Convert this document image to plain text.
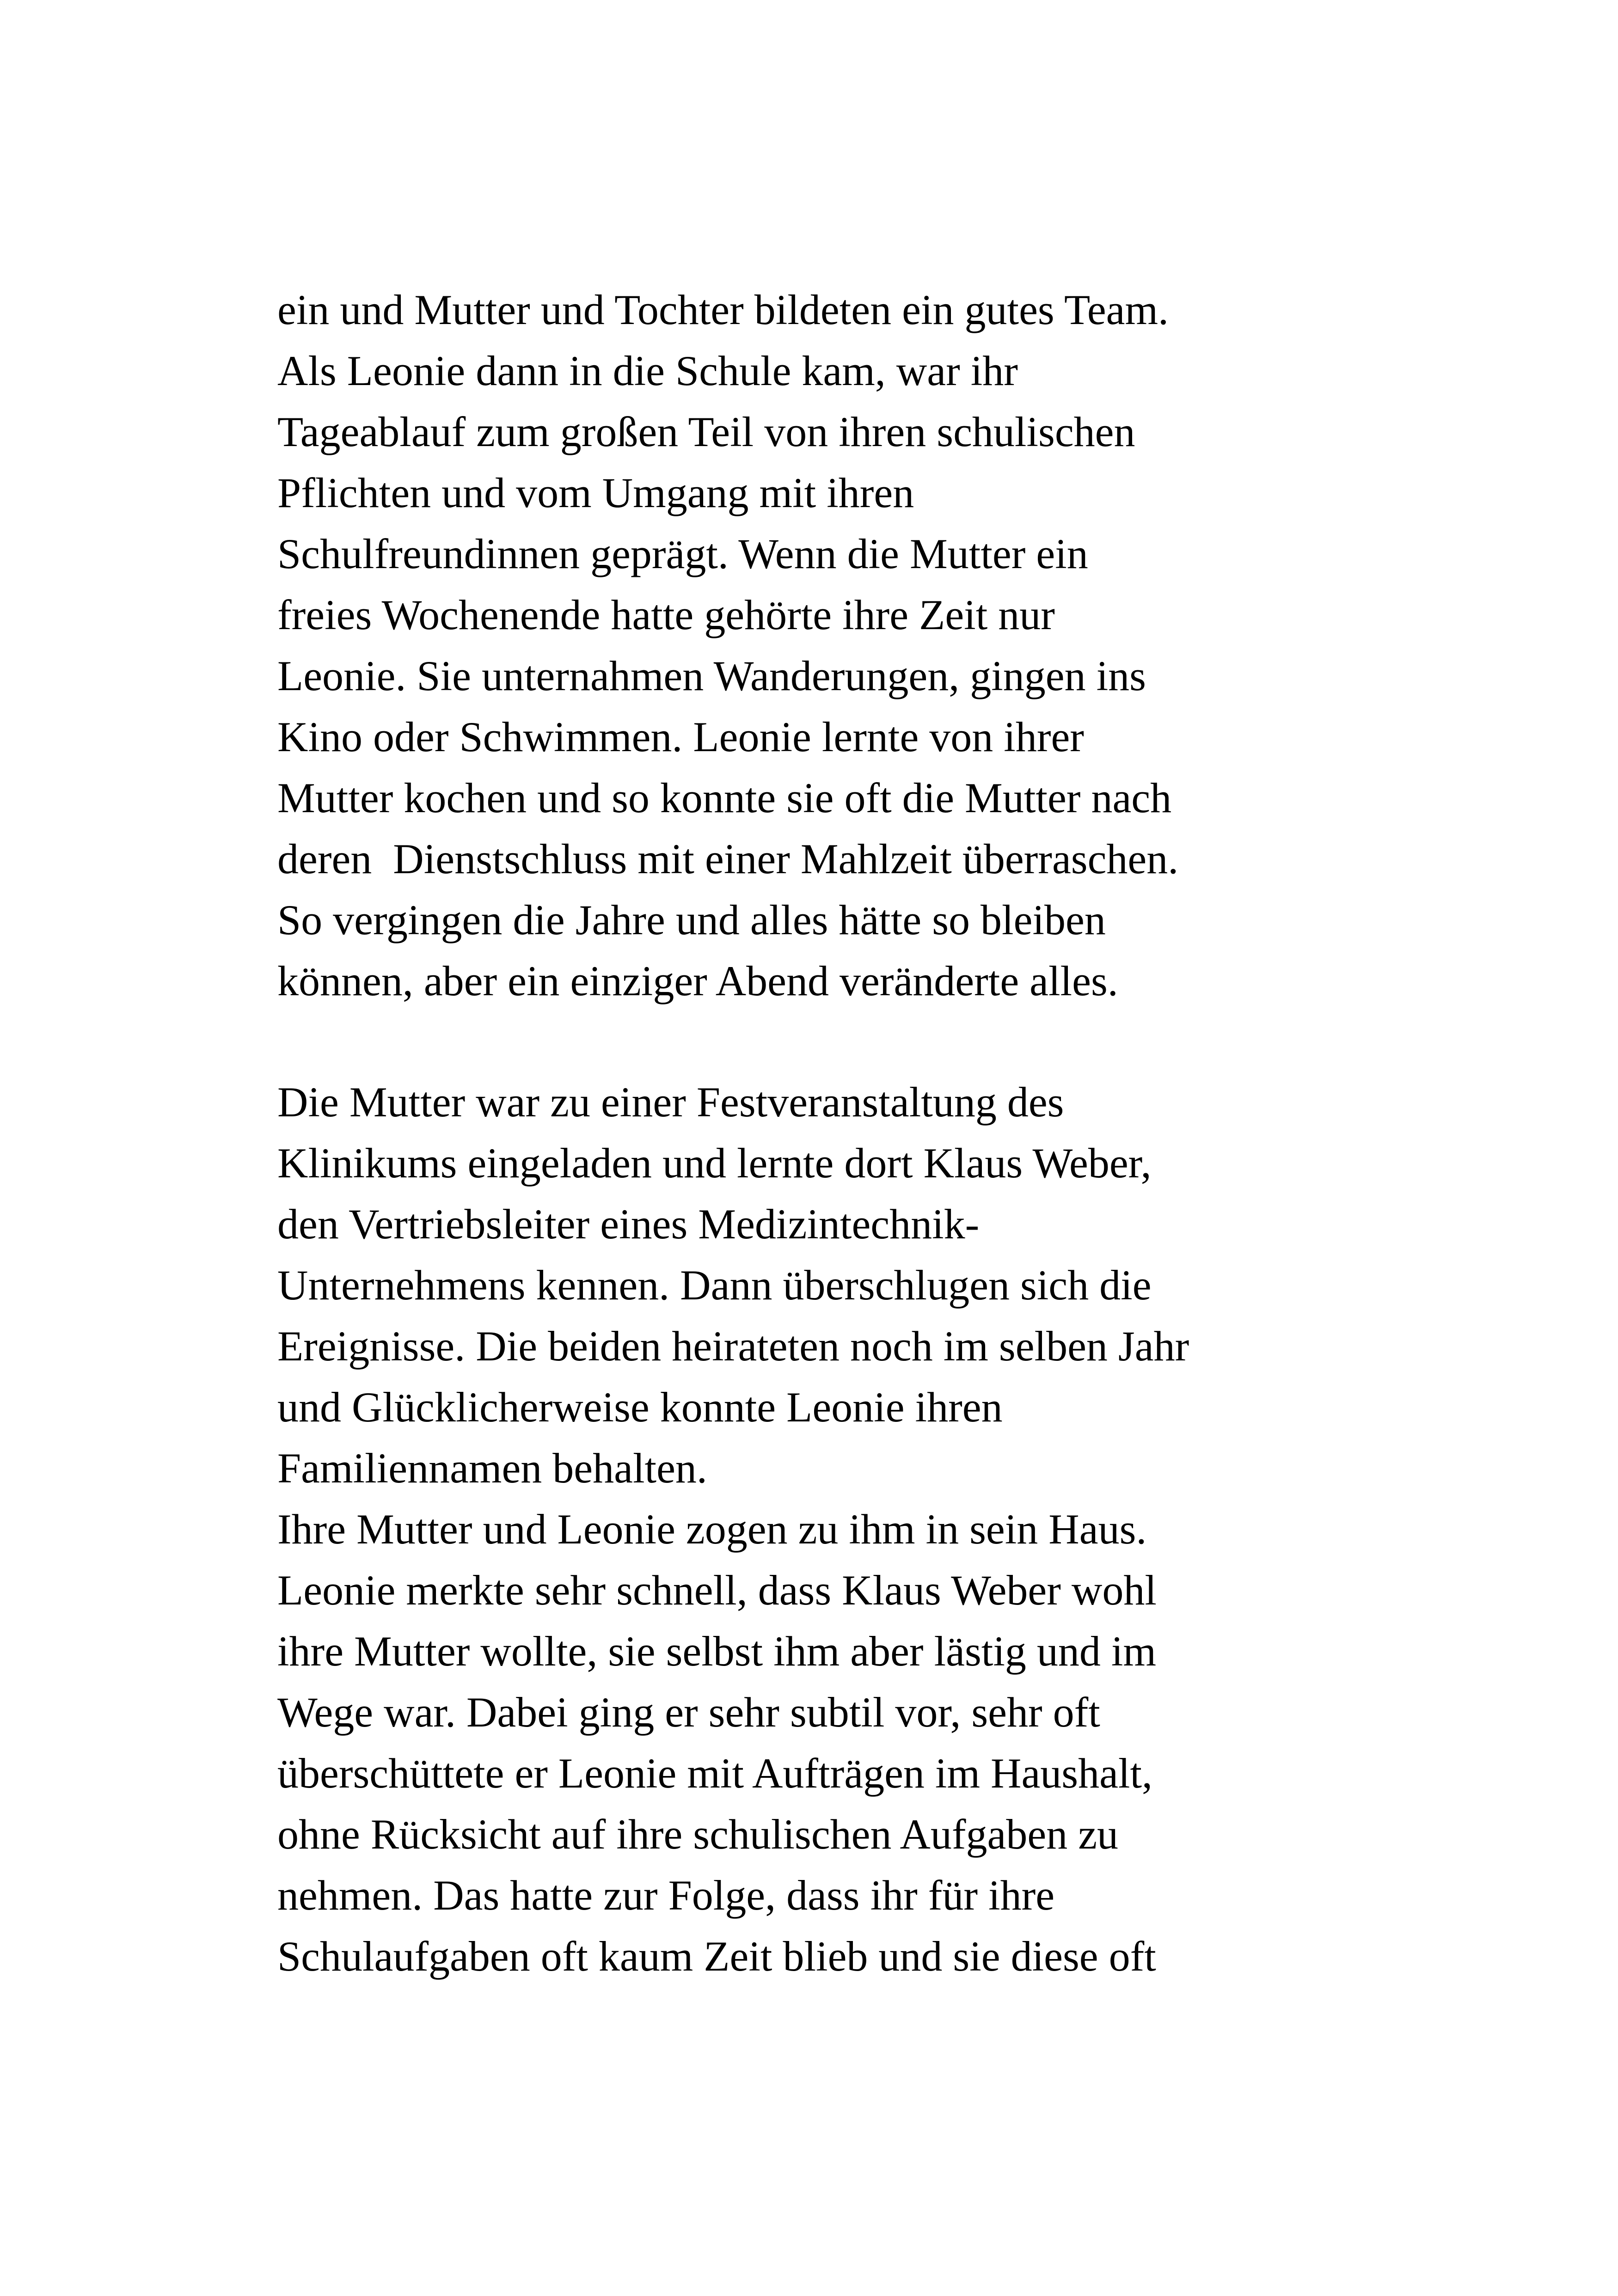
ein und Mutter und Tochter bildeten ein gutes Team.
Als Leonie dann in die Schule kam, war ihr
Tageablauf zum großen Teil von ihren schulischen
Pflichten und vom Umgang mit ihren
Schulfreundinnen geprägt. Wenn die Mutter ein
freies Wochenende hatte gehörte ihre Zeit nur
Leonie. Sie unternahmen Wanderungen, gingen ins
Kino oder Schwimmen. Leonie lernte von ihrer
Mutter kochen und so konnte sie oft die Mutter nach
deren  Dienstschluss mit einer Mahlzeit überraschen.
So vergingen die Jahre und alles hätte so bleiben
können, aber ein einziger Abend veränderte alles.
Die Mutter war zu einer Festveranstaltung des
Klinikums eingeladen und lernte dort Klaus Weber,
den Vertriebsleiter eines Medizintechnik-
Unternehmens kennen. Dann überschlugen sich die
Ereignisse. Die beiden heirateten noch im selben Jahr
und Glücklicherweise konnte Leonie ihren
Familiennamen behalten.
Ihre Mutter und Leonie zogen zu ihm in sein Haus.
Leonie merkte sehr schnell, dass Klaus Weber wohl
ihre Mutter wollte, sie selbst ihm aber lästig und im
Wege war. Dabei ging er sehr subtil vor, sehr oft
überschüttete er Leonie mit Aufträgen im Haushalt,
ohne Rücksicht auf ihre schulischen Aufgaben zu
nehmen. Das hatte zur Folge, dass ihr für ihre
Schulaufgaben oft kaum Zeit blieb und sie diese oft
